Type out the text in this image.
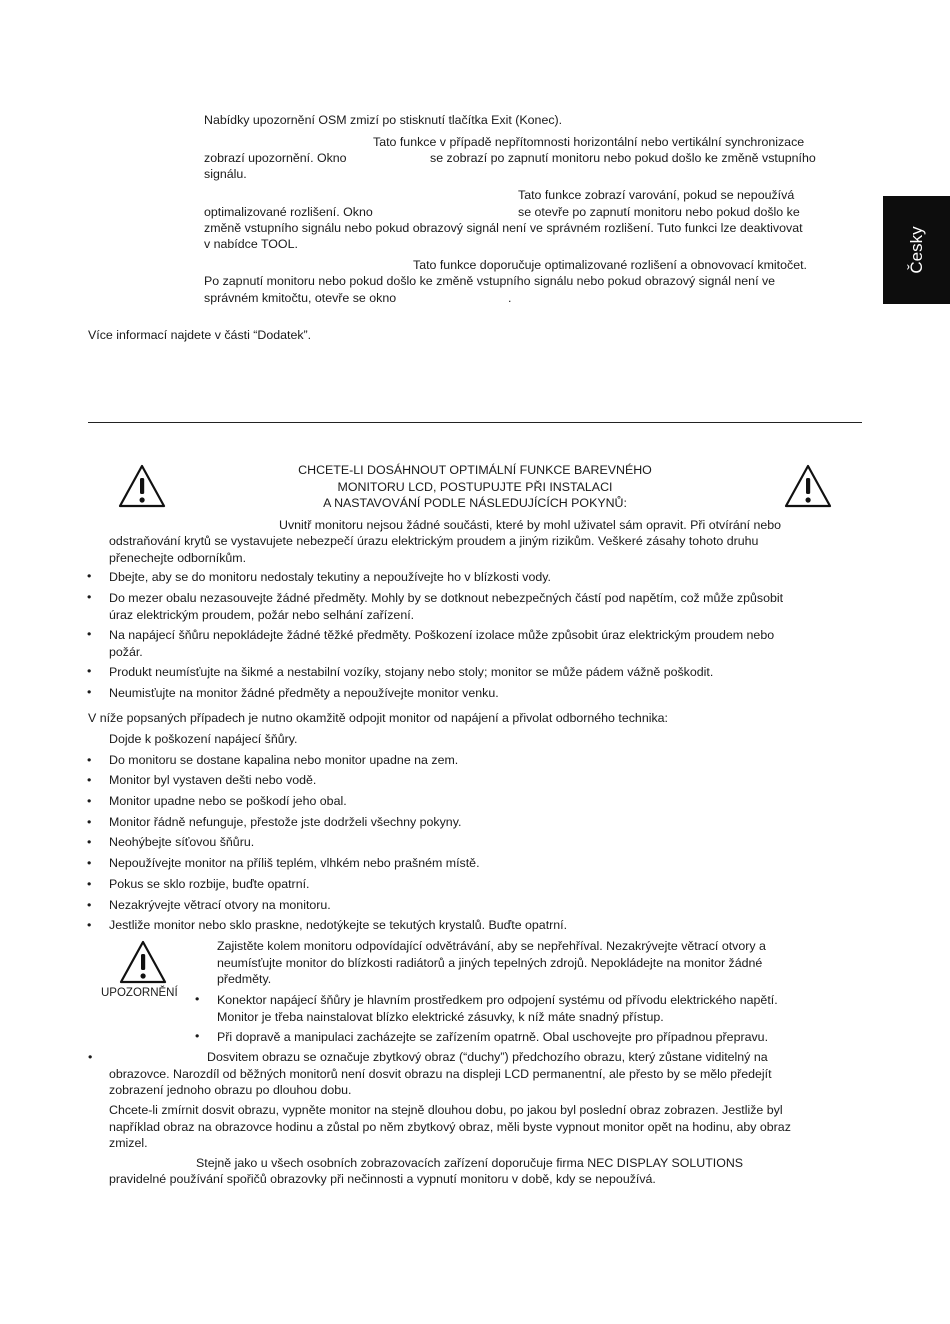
Česky
Nabídky upozornění OSM zmizí po stisknutí tlačítka Exit (Konec).
Tato funkce v případě nepřítomnosti horizontální nebo vertikální synchronizace
zobrazí upozornění. Okno	se zobrazí po zapnutí monitoru nebo pokud došlo ke změně vstupního
signálu.
Tato funkce zobrazí varování, pokud se nepoužívá
optimalizované rozlišení. Okno	se otevře po zapnutí monitoru nebo pokud došlo ke
změně vstupního signálu nebo pokud obrazový signál není ve správném rozlišení. Tuto funkci lze deaktivovat
v nabídce TOOL.
Tato funkce doporučuje optimalizované rozlišení a obnovovací kmitočet.
Po zapnutí monitoru nebo pokud došlo ke změně vstupního signálu nebo pokud obrazový signál není ve
správném kmitočtu, otevře se okno	.
Více informací najdete v části “Dodatek”.
CHCETE-LI DOSÁHNOUT OPTIMÁLNÍ FUNKCE BAREVNÉHO
MONITORU LCD, POSTUPUJTE PŘI INSTALACI
A NASTAVOVÁNÍ PODLE NÁSLEDUJÍCÍCH POKYNŮ:
Uvnitř monitoru nejsou žádné součásti, které by mohl uživatel sám opravit. Při otvírání nebo
odstraňování krytů se vystavujete nebezpečí úrazu elektrickým proudem a jiným rizikům. Veškeré zásahy tohoto druhu
přenechejte odborníkům.
• Dbejte, aby se do monitoru nedostaly tekutiny a nepoužívejte ho v blízkosti vody.
• Do mezer obalu nezasouvejte žádné předměty. Mohly by se dotknout nebezpečných částí pod napětím, což může způsobit
úraz elektrickým proudem, požár nebo selhání zařízení.
• Na napájecí šňůru nepokládejte žádné těžké předměty. Poškození izolace může způsobit úraz elektrickým proudem nebo
požár.
• Produkt neumísťujte na šikmé a nestabilní vozíky, stojany nebo stoly; monitor se může pádem vážně poškodit.
• Neumisťujte na monitor žádné předměty a nepoužívejte monitor venku.
V níže popsaných případech je nutno okamžitě odpojit monitor od napájení a přivolat odborného technika:
Dojde k poškození napájecí šňůry.
• Do monitoru se dostane kapalina nebo monitor upadne na zem.
• Monitor byl vystaven dešti nebo vodě.
• Monitor upadne nebo se poškodí jeho obal.
• Monitor řádně nefunguje, přestože jste dodrželi všechny pokyny.
• Neohýbejte síťovou šňůru.
• Nepoužívejte monitor na příliš teplém, vlhkém nebo prašném místě.
• Pokus se sklo rozbije, buďte opatrní.
• Nezakrývejte větrací otvory na monitoru.
• Jestliže monitor nebo sklo praskne, nedotýkejte se tekutých krystalů. Buďte opatrní.
UPOZORNĚNÍ
Zajistěte kolem monitoru odpovídající odvětrávání, aby se nepřehříval. Nezakrývejte větrací otvory a
neumísťujte monitor do blízkosti radiátorů a jiných tepelných zdrojů. Nepokládejte na monitor žádné
předměty.
• Konektor napájecí šňůry je hlavním prostředkem pro odpojení systému od přívodu elektrického napětí.
Monitor je třeba nainstalovat blízko elektrické zásuvky, k níž máte snadný přístup.
• Při dopravě a manipulaci zacházejte se zařízením opatrně. Obal uschovejte pro případnou přepravu.
•	Dosvitem obrazu se označuje zbytkový obraz (“duchy”) předchozího obrazu, který zůstane viditelný na
obrazovce. Narozdíl od běžných monitorů není dosvit obrazu na displeji LCD permanentní, ale přesto by se mělo předejít
zobrazení jednoho obrazu po dlouhou dobu.
Chcete-li zmírnit dosvit obrazu, vypněte monitor na stejně dlouhou dobu, po jakou byl poslední obraz zobrazen. Jestliže byl
například obraz na obrazovce hodinu a zůstal po něm zbytkový obraz, měli byste vypnout monitor opět na hodinu, aby obraz
zmizel.
Stejně jako u všech osobních zobrazovacích zařízení doporučuje firma NEC DISPLAY SOLUTIONS
pravidelné používání spořičů obrazovky při nečinnosti a vypnutí monitoru v době, kdy se nepoužívá.
